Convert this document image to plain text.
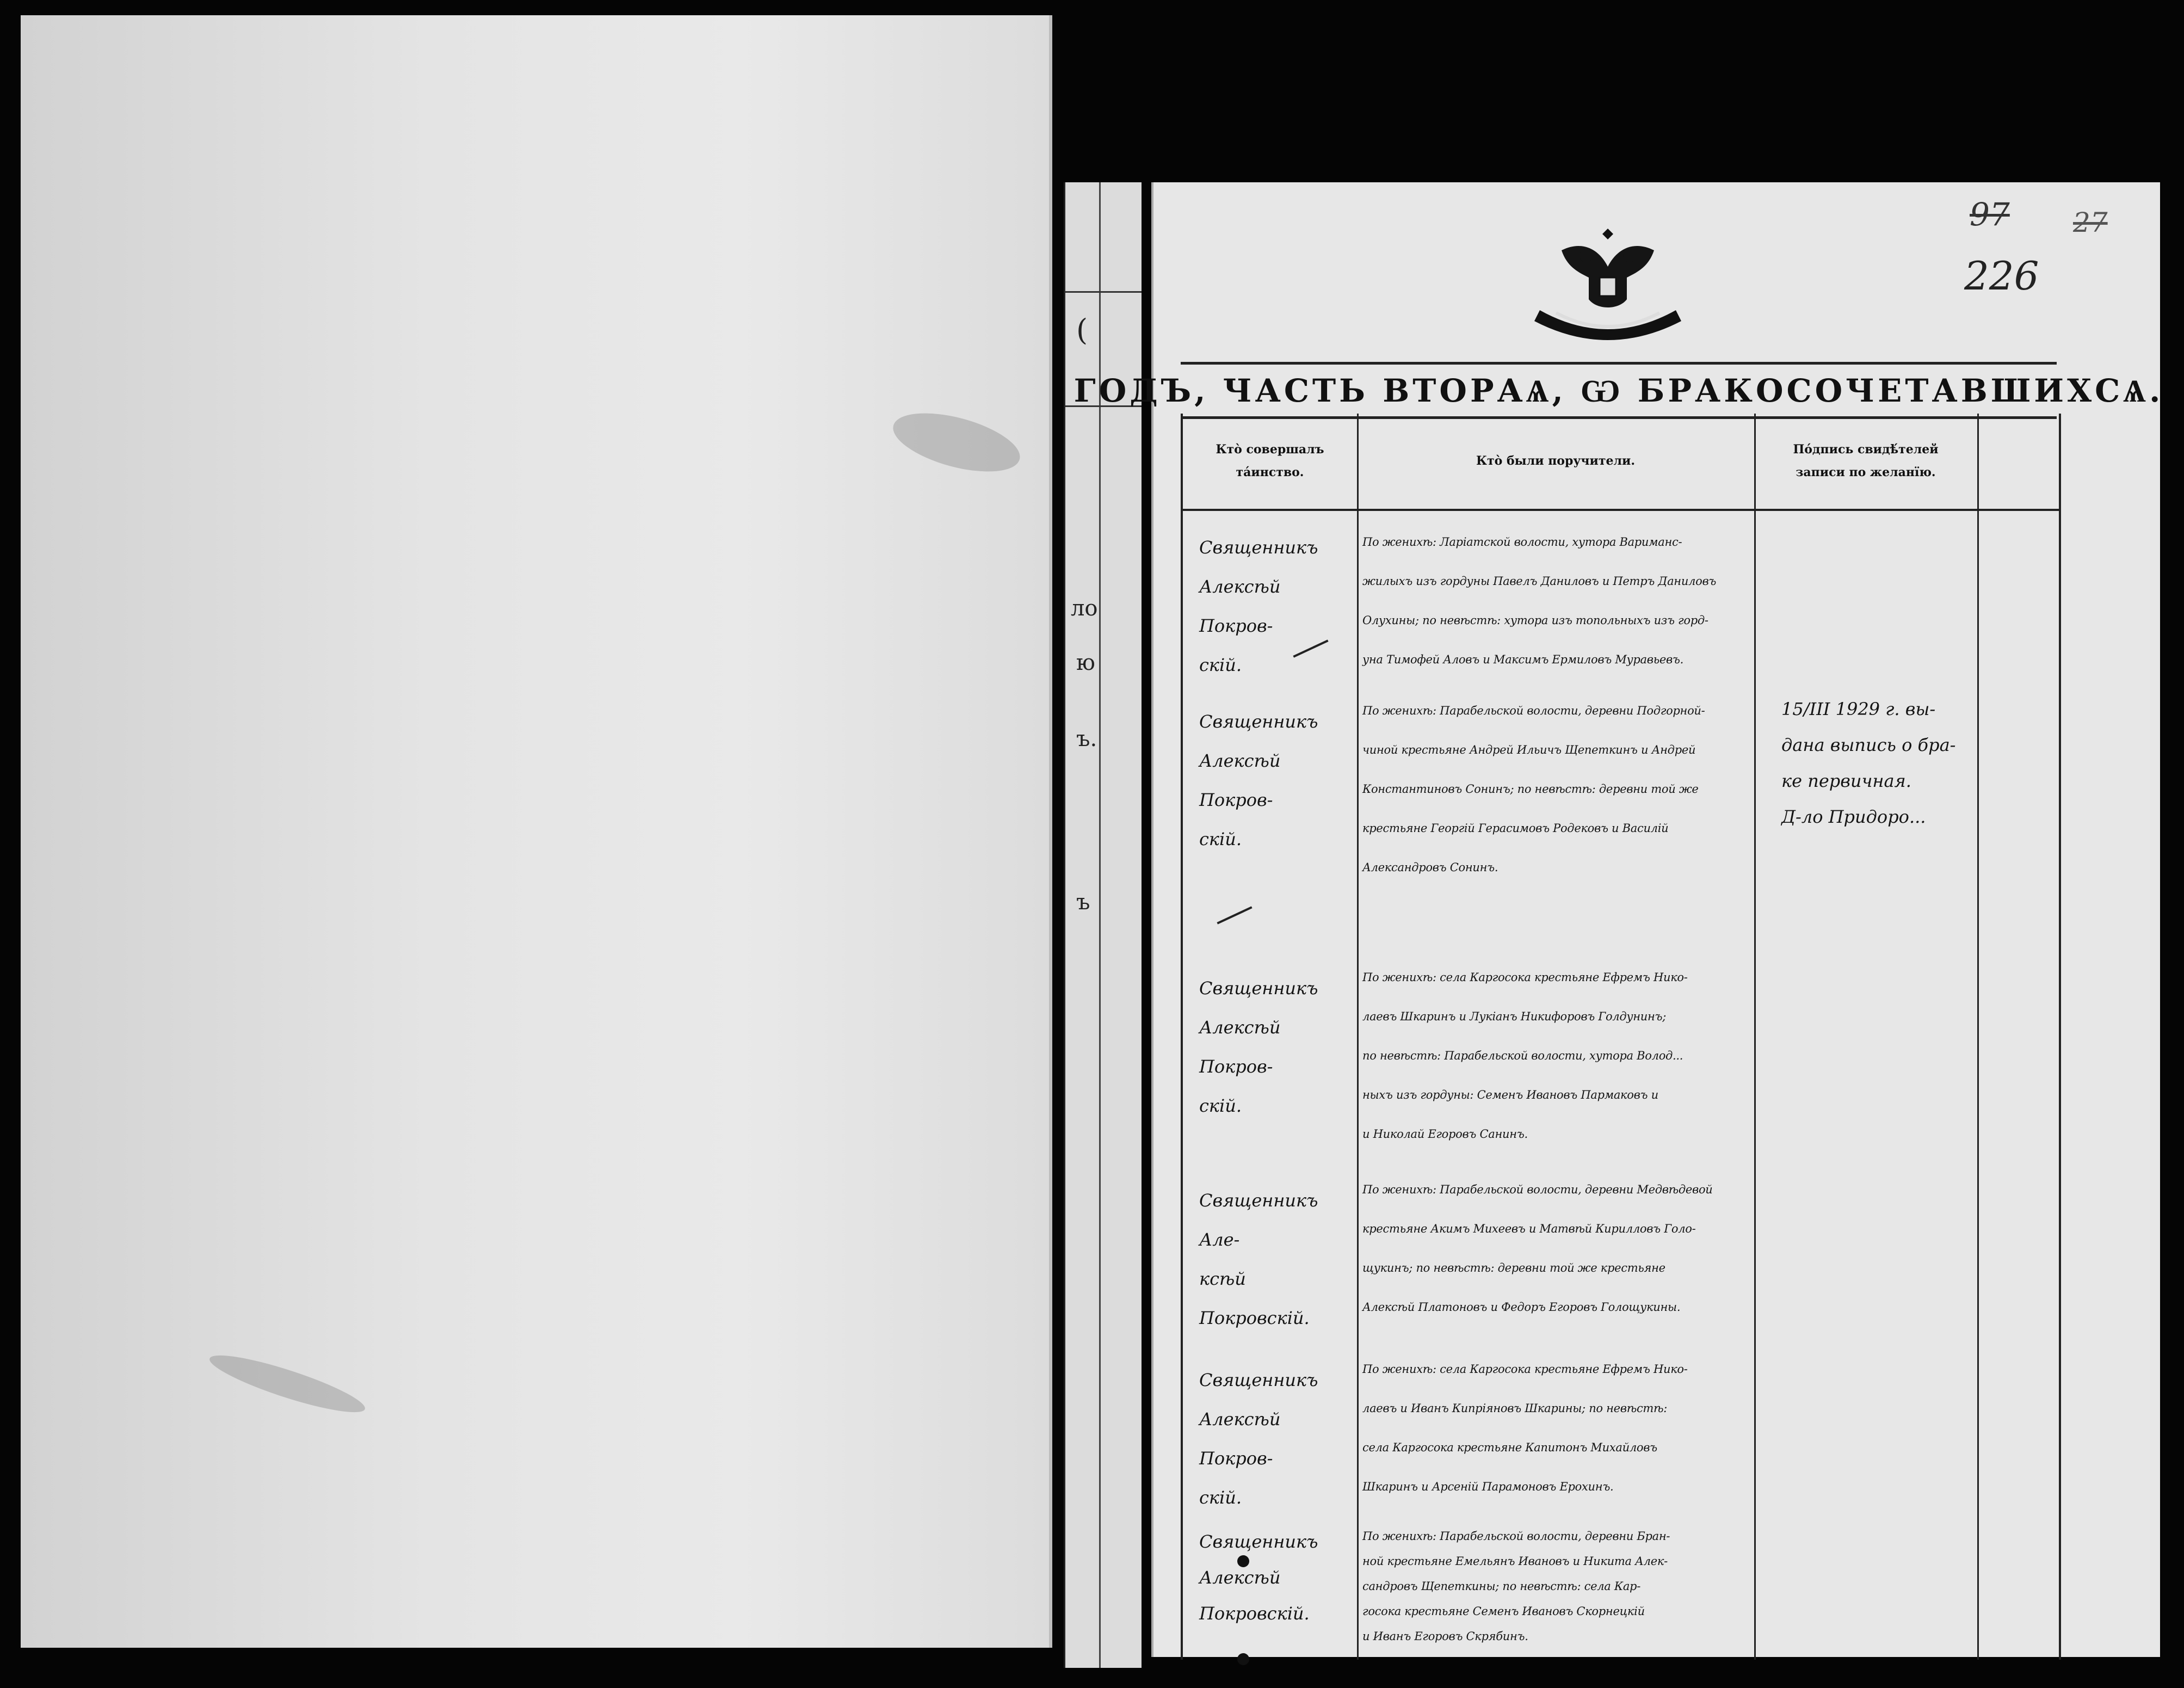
(
ло
ю
ъ.
ъ
97 27
226
ГОДЪ, ЧАСТЬ ВТОРАѦ, Ѡ БРАКОСОЧЕТАВШИХСѦ.
Кто̀ совершалъ
та́инство.
Кто̀ были поручители.
По́дпись свидѣ́телей
записи по желанїю.
Священникъ
Алексѣй Покров-
скій.
По женихѣ: Ларіатской волости, хутора Вариманс-
жилыхъ изъ гордуны Павелъ Даниловъ и Петръ Даниловъ
Олухины; по невѣстѣ: хутора изъ топольныхъ изъ горд-
уна Тимофей Аловъ и Максимъ Ермиловъ Муравьевъ.
Священникъ
Алексѣй Покров-
скій.
По женихѣ: Парабельской волости, деревни Подгорной-
чиной крестьяне Андрей Ильичъ Щепеткинъ и Андрей
Константиновъ Сонинъ; по невѣстѣ: деревни той же
крестьяне Георгій Герасимовъ Родековъ и Василій
Александровъ Сонинъ.
15/III 1929 г. вы-
дана выпись о бра-
ке первичная.
Д-ло Придоро...
Священникъ
Алексѣй Покров-
скій.
По женихѣ: села Каргосока крестьяне Ефремъ Нико-
лаевъ Шкаринъ и Лукіанъ Никифоровъ Голдунинъ;
по невѣстѣ: Парабельской волости, хутора Волод...
ныхъ изъ гордуны: Семенъ Ивановъ Пармаковъ и
и Николай Егоровъ Санинъ.
Священникъ Але-
ксѣй Покровскій.
По женихѣ: Парабельской волости, деревни Медвѣдевой
крестьяне Акимъ Михеевъ и Матвѣй Кирилловъ Голо-
щукинъ; по невѣстѣ: деревни той же крестьяне
Алексѣй Платоновъ и Федоръ Егоровъ Голощукины.
Священникъ
Алексѣй Покров-
скій.
По женихѣ: села Каргосока крестьяне Ефремъ Нико-
лаевъ и Иванъ Кипріяновъ Шкарины; по невѣстѣ:
села Каргосока крестьяне Капитонъ Михайловъ
Шкаринъ и Арсеній Парамоновъ Ерохинъ.
Священникъ
Алексѣй
Покровскій.
По женихѣ: Парабельской волости, деревни Бран-
ной крестьяне Емельянъ Ивановъ и Никита Алек-
сандровъ Щепеткины; по невѣстѣ: села Кар-
госока крестьяне Семенъ Ивановъ Скорнецкій
и Иванъ Егоровъ Скрябинъ.
